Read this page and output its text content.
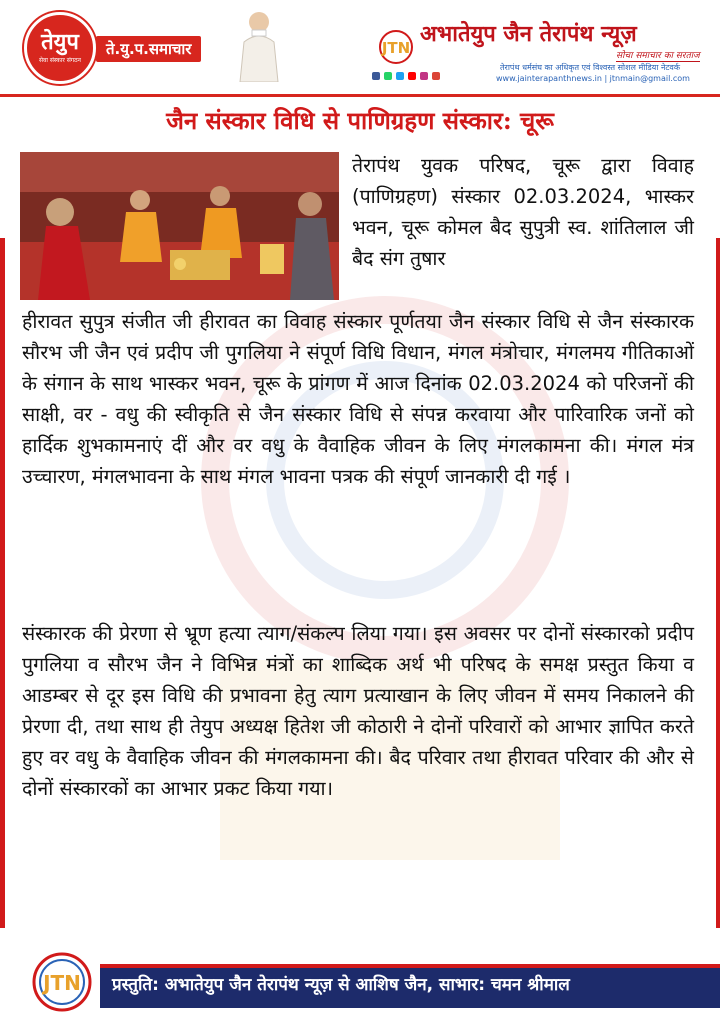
तेयुप
सेवा संस्कार संगठन
ते.यु.प.समाचार	JTN
अभातेयुप जैन तेरापंथ न्यूज़
सोचा समाचार का सरताज
तेरापंथ धर्मसंघ का अधिकृत एवं विश्वस्त सोशल मीडिया नेटवर्क
www.jainterapanthnews.in | jtnmain@gmail.com
जैन संस्कार विधि से पाणिग्रहण संस्कार: चूरू
तेरापंथ युवक परिषद, चूरू द्वारा विवाह (पाणिग्रहण) संस्कार 02.03.2024, भास्कर भवन, चूरू कोमल बैद सुपुत्री स्व. शांतिलाल जी बैद संग तुषार
हीरावत सुपुत्र संजीत जी हीरावत का विवाह संस्कार पूर्णतया जैन संस्कार विधि से जैन संस्कारक सौरभ जी जैन एवं प्रदीप जी पुगलिया ने संपूर्ण विधि विधान, मंगल मंत्रोचार, मंगलमय गीतिकाओं के संगान के साथ भास्कर भवन, चूरू के प्रांगण में आज दिनांक 02.03.2024 को परिजनों की साक्षी, वर - वधु की स्वीकृति से जैन संस्कार विधि से संपन्न करवाया और पारिवारिक जनों को हार्दिक शुभकामनाएं दीं और वर वधु के वैवाहिक जीवन के लिए मंगलकामना की। मंगल मंत्र उच्चारण, मंगलभावना के साथ मंगल भावना पत्रक की संपूर्ण जानकारी दी गई ।
संस्कारक की प्रेरणा से भ्रूण हत्या त्याग/संकल्प लिया गया। इस अवसर पर दोनों संस्कारको प्रदीप पुगलिया व सौरभ जैन ने विभिन्न मंत्रों का शाब्दिक अर्थ भी परिषद के समक्ष प्रस्तुत किया व आडम्बर से दूर इस विधि की प्रभावना हेतु त्याग प्रत्याखान के लिए जीवन में समय निकालने की प्रेरणा दी, तथा साथ ही तेयुप अध्यक्ष हितेश जी कोठारी ने दोनों परिवारों को आभार ज्ञापित करते हुए वर वधु के वैवाहिक जीवन की मंगलकामना की। बैद परिवार तथा हीरावत परिवार की और से दोनों संस्कारकों का आभार प्रकट किया गया।
प्रस्तुति: अभातेयुप जैन तेरापंथ न्यूज़ से आशिष जैन, साभार: चमन श्रीमाल
JTN
